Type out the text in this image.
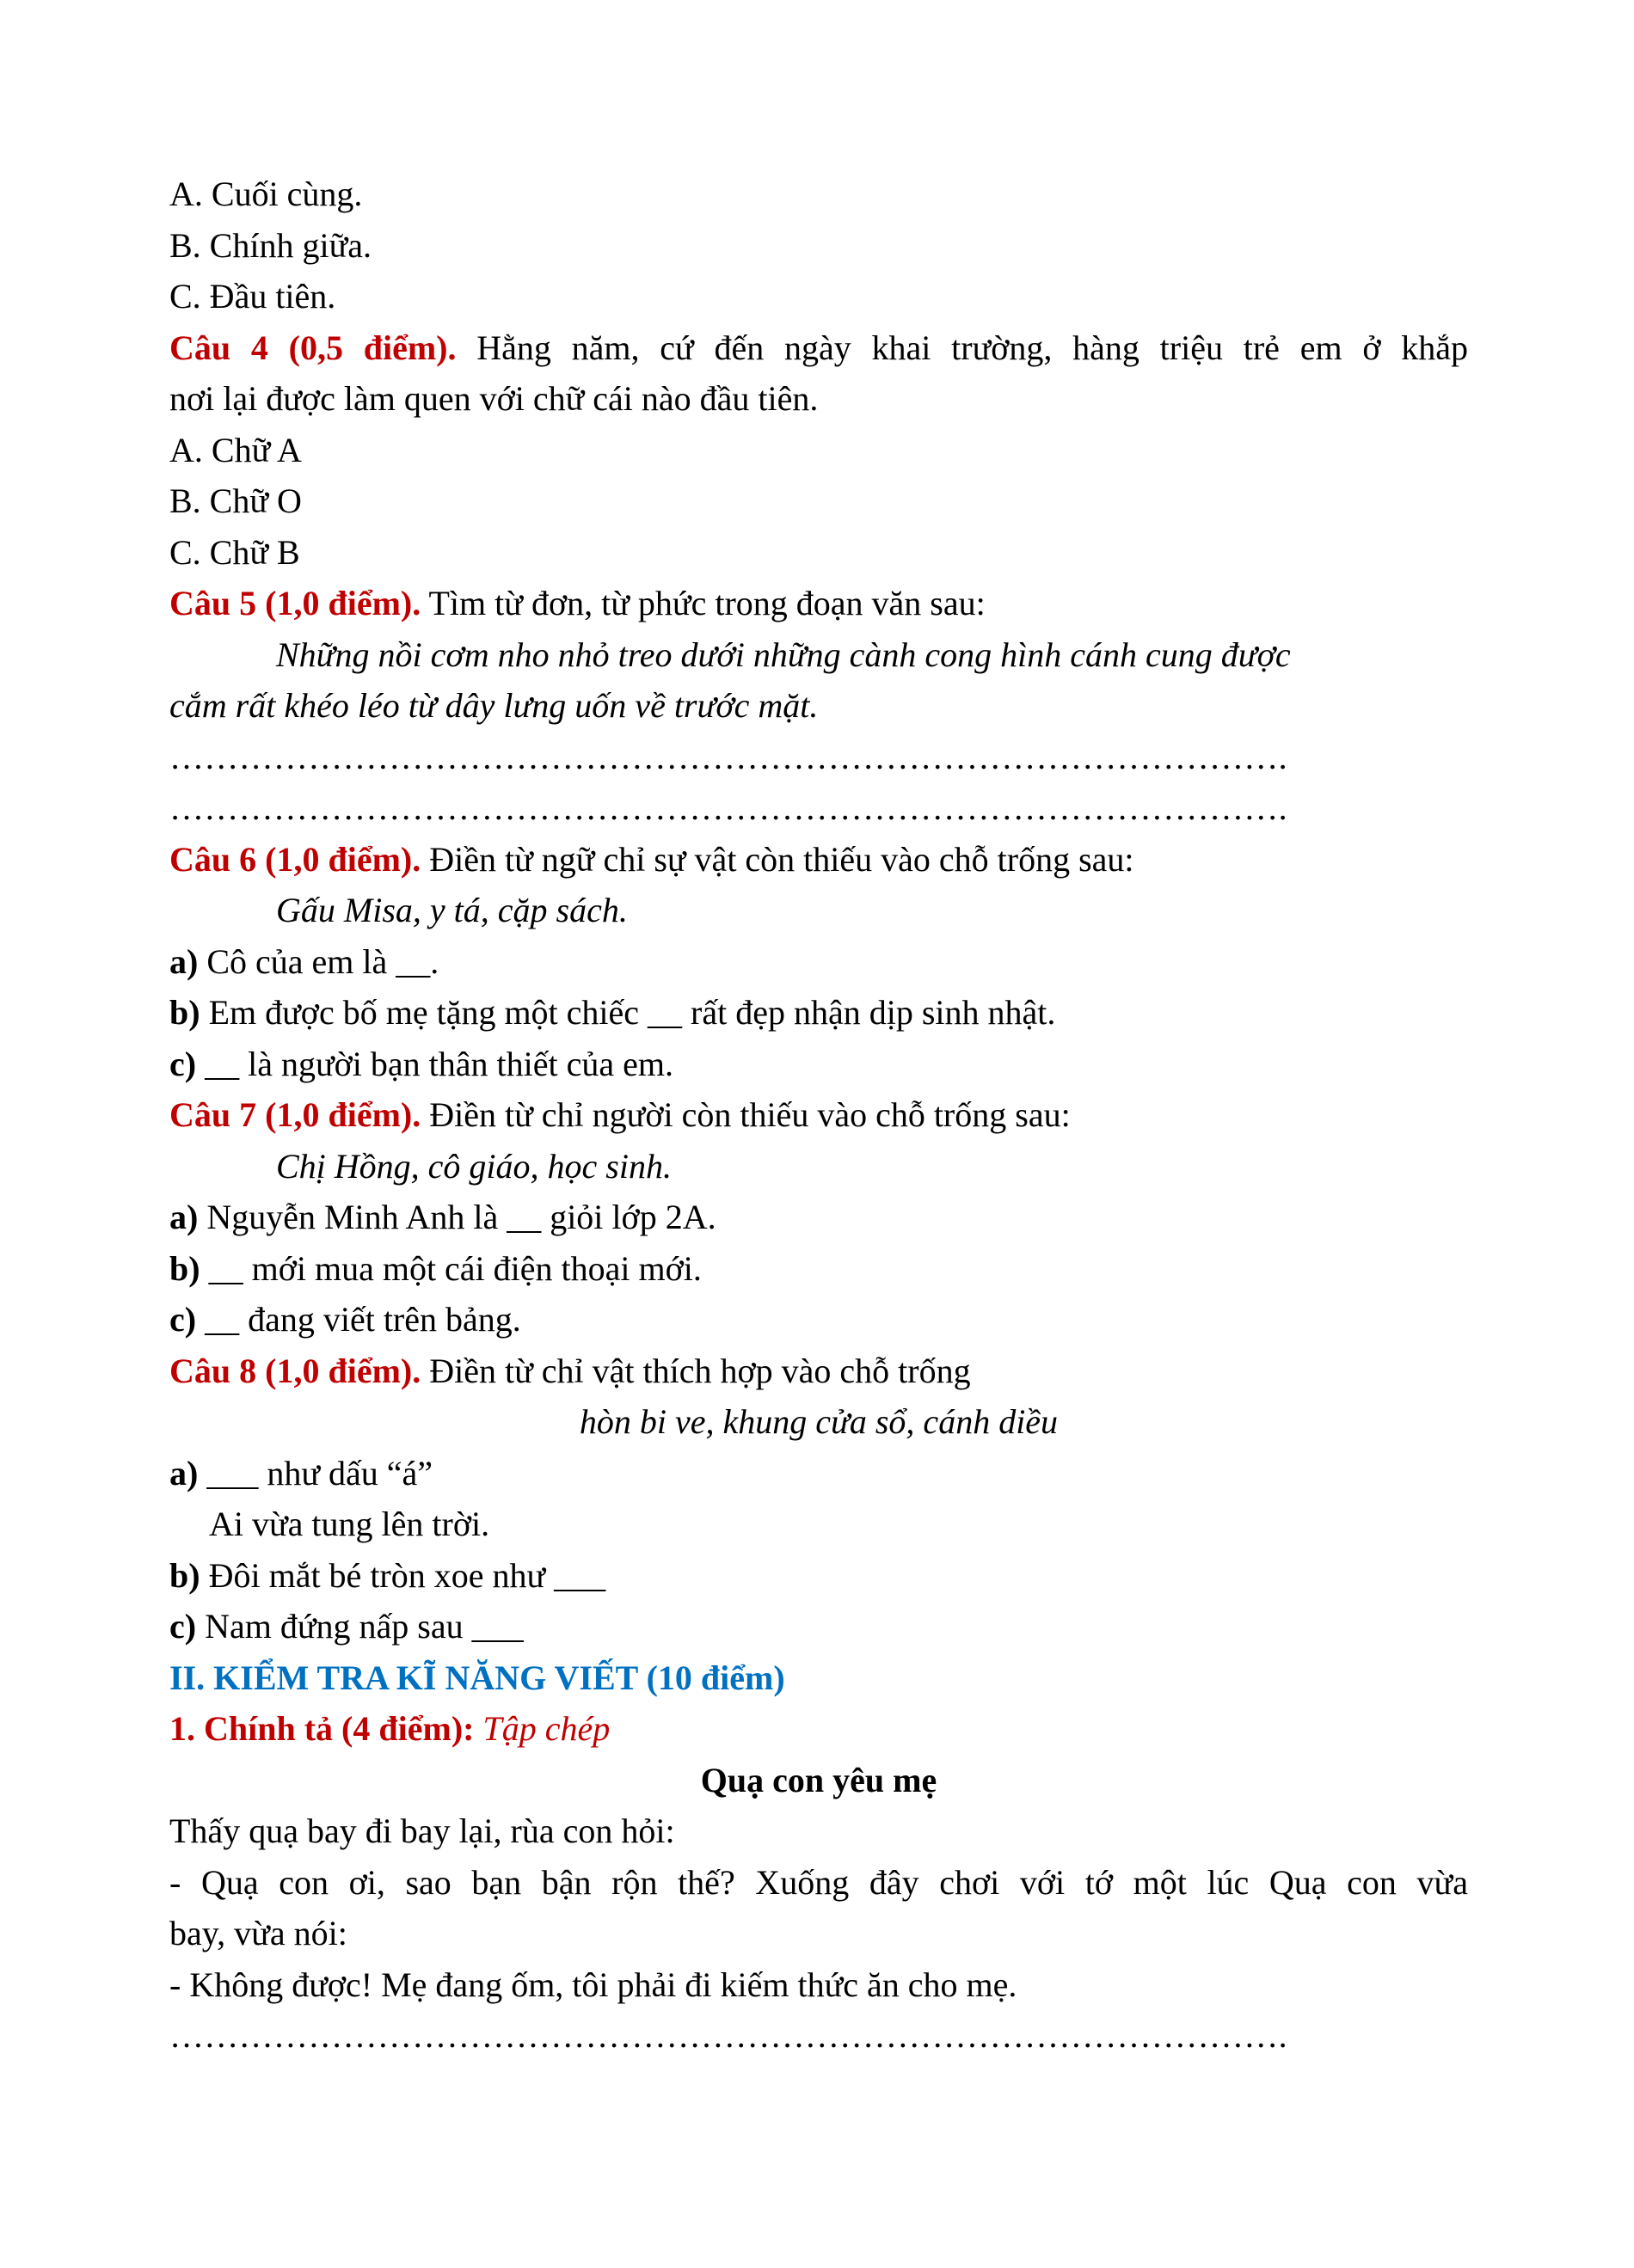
A. Cuối cùng.
B. Chính giữa.
C. Đầu tiên.
Câu 4 (0,5 điểm). Hằng năm, cứ đến ngày khai trường, hàng triệu trẻ em ở khắp
nơi lại được làm quen với chữ cái nào đầu tiên.
A. Chữ A
B. Chữ O
C. Chữ B
Câu 5 (1,0 điểm). Tìm từ đơn, từ phức trong đoạn văn sau:
Những nồi cơm nho nhỏ treo dưới những cành cong hình cánh cung được
cắm rất khéo léo từ dây lưng uốn về trước mặt.
…………………………………………………………………………………….
…………………………………………………………………………………….
Câu 6 (1,0 điểm). Điền từ ngữ chỉ sự vật còn thiếu vào chỗ trống sau:
Gấu Misa, y tá, cặp sách.
a) Cô của em là __.
b) Em được bố mẹ tặng một chiếc __ rất đẹp nhận dịp sinh nhật.
c) __ là người bạn thân thiết của em.
Câu 7 (1,0 điểm). Điền từ chỉ người còn thiếu vào chỗ trống sau:
Chị Hồng, cô giáo, học sinh.
a) Nguyễn Minh Anh là __ giỏi lớp 2A.
b) __ mới mua một cái điện thoại mới.
c) __ đang viết trên bảng.
Câu 8 (1,0 điểm). Điền từ chỉ vật thích hợp vào chỗ trống
hòn bi ve, khung cửa sổ, cánh diều
a) ___ như dấu “á”
Ai vừa tung lên trời.
b) Đôi mắt bé tròn xoe như ___
c) Nam đứng nấp sau ___
II. KIỂM TRA KĨ NĂNG VIẾT (10 điểm)
1. Chính tả (4 điểm): Tập chép
Quạ con yêu mẹ
Thấy quạ bay đi bay lại, rùa con hỏi:
- Quạ con ơi, sao bạn bận rộn thế? Xuống đây chơi với tớ một lúc Quạ con vừa
bay, vừa nói:
- Không được! Mẹ đang ốm, tôi phải đi kiếm thức ăn cho mẹ.
…………………………………………………………………………………….
